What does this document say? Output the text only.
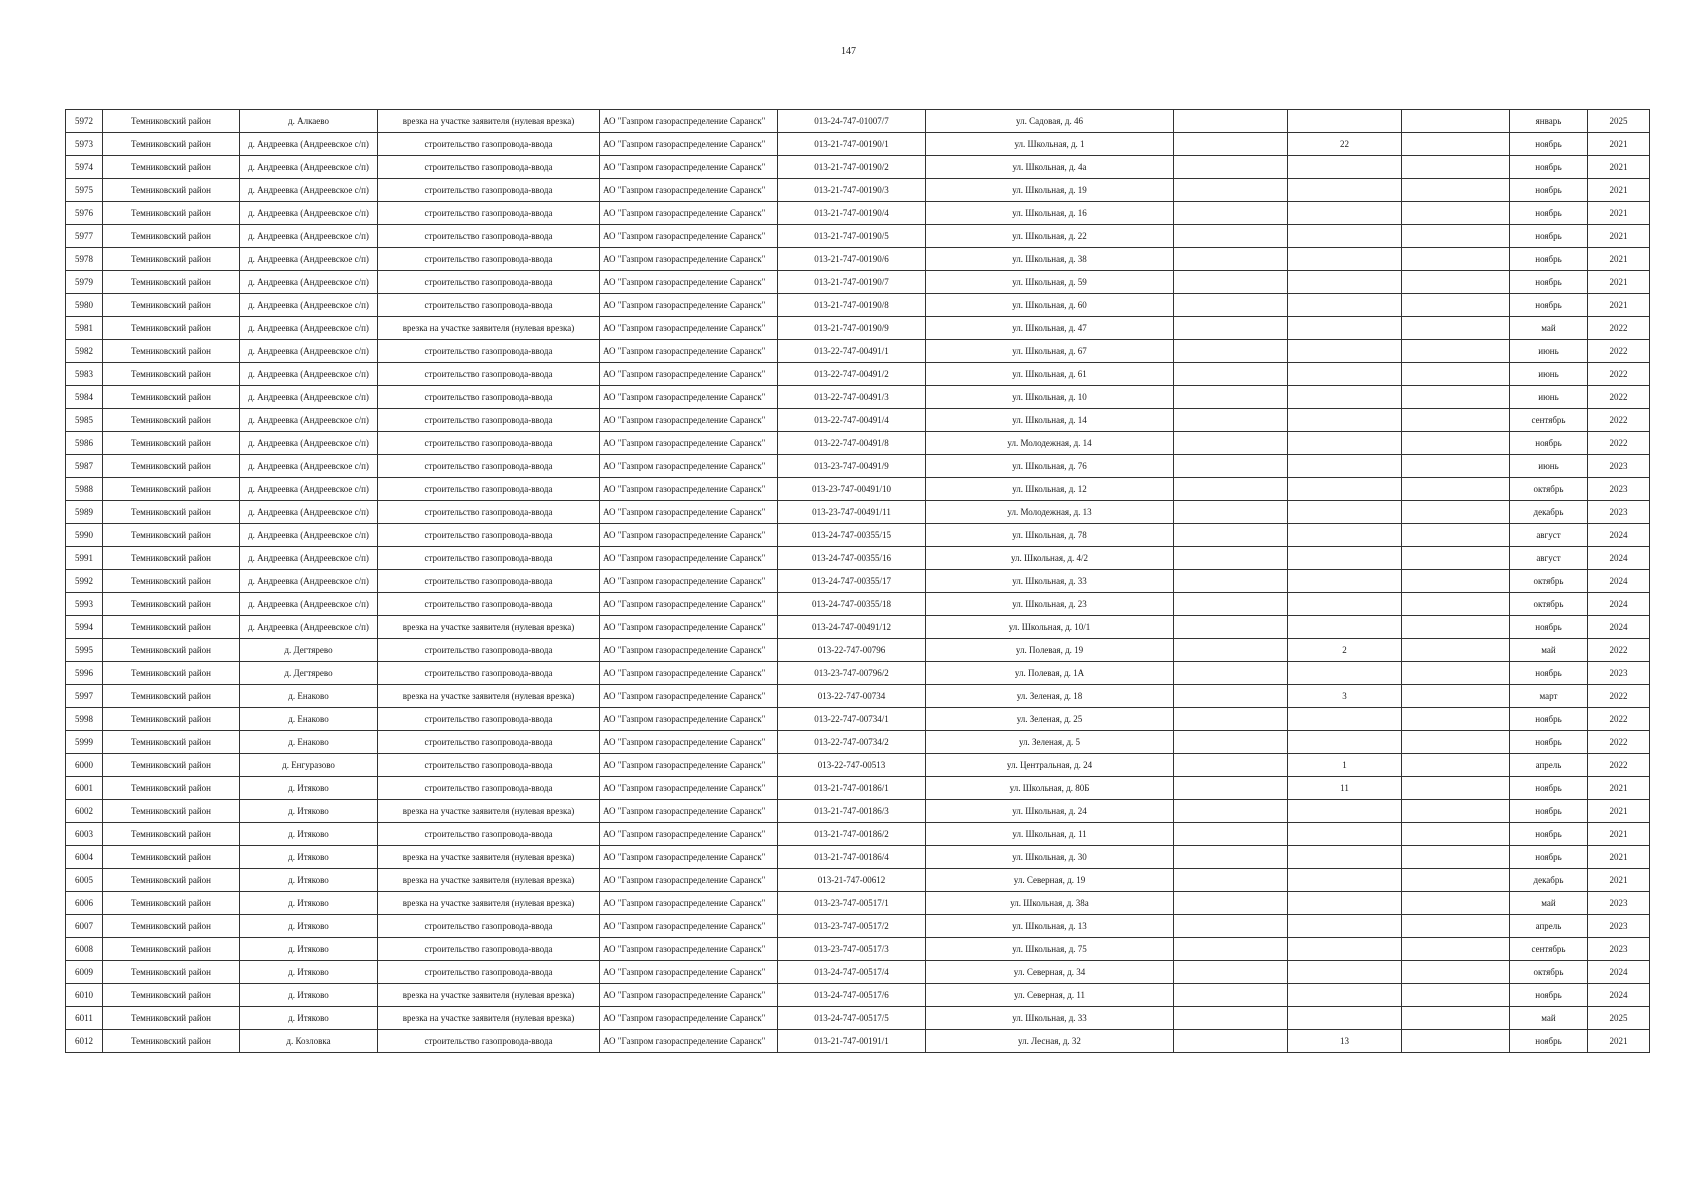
147
5972	Темниковский район	д. Алкаево	врезка на участке заявителя (нулевая врезка)	АО "Газпром газораспределение Саранск"	013-24-747-01007/7	ул. Садовая, д. 46				январь	2025
5973	Темниковский район	д. Андреевка (Андреевское с/п)	строительство газопровода-ввода	АО "Газпром газораспределение Саранск"	013-21-747-00190/1	ул. Школьная, д. 1		22		ноябрь	2021
5974	Темниковский район	д. Андреевка (Андреевское с/п)	строительство газопровода-ввода	АО "Газпром газораспределение Саранск"	013-21-747-00190/2	ул. Школьная, д. 4а				ноябрь	2021
5975	Темниковский район	д. Андреевка (Андреевское с/п)	строительство газопровода-ввода	АО "Газпром газораспределение Саранск"	013-21-747-00190/3	ул. Школьная, д. 19				ноябрь	2021
5976	Темниковский район	д. Андреевка (Андреевское с/п)	строительство газопровода-ввода	АО "Газпром газораспределение Саранск"	013-21-747-00190/4	ул. Школьная, д. 16				ноябрь	2021
5977	Темниковский район	д. Андреевка (Андреевское с/п)	строительство газопровода-ввода	АО "Газпром газораспределение Саранск"	013-21-747-00190/5	ул. Школьная, д. 22				ноябрь	2021
5978	Темниковский район	д. Андреевка (Андреевское с/п)	строительство газопровода-ввода	АО "Газпром газораспределение Саранск"	013-21-747-00190/6	ул. Школьная, д. 38				ноябрь	2021
5979	Темниковский район	д. Андреевка (Андреевское с/п)	строительство газопровода-ввода	АО "Газпром газораспределение Саранск"	013-21-747-00190/7	ул. Школьная, д. 59				ноябрь	2021
5980	Темниковский район	д. Андреевка (Андреевское с/п)	строительство газопровода-ввода	АО "Газпром газораспределение Саранск"	013-21-747-00190/8	ул. Школьная, д. 60				ноябрь	2021
5981	Темниковский район	д. Андреевка (Андреевское с/п)	врезка на участке заявителя (нулевая врезка)	АО "Газпром газораспределение Саранск"	013-21-747-00190/9	ул. Школьная, д. 47				май	2022
5982	Темниковский район	д. Андреевка (Андреевское с/п)	строительство газопровода-ввода	АО "Газпром газораспределение Саранск"	013-22-747-00491/1	ул. Школьная, д. 67				июнь	2022
5983	Темниковский район	д. Андреевка (Андреевское с/п)	строительство газопровода-ввода	АО "Газпром газораспределение Саранск"	013-22-747-00491/2	ул. Школьная, д. 61				июнь	2022
5984	Темниковский район	д. Андреевка (Андреевское с/п)	строительство газопровода-ввода	АО "Газпром газораспределение Саранск"	013-22-747-00491/3	ул. Школьная, д. 10				июнь	2022
5985	Темниковский район	д. Андреевка (Андреевское с/п)	строительство газопровода-ввода	АО "Газпром газораспределение Саранск"	013-22-747-00491/4	ул. Школьная, д. 14				сентябрь	2022
5986	Темниковский район	д. Андреевка (Андреевское с/п)	строительство газопровода-ввода	АО "Газпром газораспределение Саранск"	013-22-747-00491/8	ул. Молодежная, д. 14				ноябрь	2022
5987	Темниковский район	д. Андреевка (Андреевское с/п)	строительство газопровода-ввода	АО "Газпром газораспределение Саранск"	013-23-747-00491/9	ул. Школьная, д. 76				июнь	2023
5988	Темниковский район	д. Андреевка (Андреевское с/п)	строительство газопровода-ввода	АО "Газпром газораспределение Саранск"	013-23-747-00491/10	ул. Школьная, д. 12				октябрь	2023
5989	Темниковский район	д. Андреевка (Андреевское с/п)	строительство газопровода-ввода	АО "Газпром газораспределение Саранск"	013-23-747-00491/11	ул. Молодежная, д. 13				декабрь	2023
5990	Темниковский район	д. Андреевка (Андреевское с/п)	строительство газопровода-ввода	АО "Газпром газораспределение Саранск"	013-24-747-00355/15	ул. Школьная, д. 78				август	2024
5991	Темниковский район	д. Андреевка (Андреевское с/п)	строительство газопровода-ввода	АО "Газпром газораспределение Саранск"	013-24-747-00355/16	ул. Школьная, д. 4/2				август	2024
5992	Темниковский район	д. Андреевка (Андреевское с/п)	строительство газопровода-ввода	АО "Газпром газораспределение Саранск"	013-24-747-00355/17	ул. Школьная, д. 33				октябрь	2024
5993	Темниковский район	д. Андреевка (Андреевское с/п)	строительство газопровода-ввода	АО "Газпром газораспределение Саранск"	013-24-747-00355/18	ул. Школьная, д. 23				октябрь	2024
5994	Темниковский район	д. Андреевка (Андреевское с/п)	врезка на участке заявителя (нулевая врезка)	АО "Газпром газораспределение Саранск"	013-24-747-00491/12	ул. Школьная, д. 10/1				ноябрь	2024
5995	Темниковский район	д. Дегтярево	строительство газопровода-ввода	АО "Газпром газораспределение Саранск"	013-22-747-00796	ул. Полевая, д. 19		2		май	2022
5996	Темниковский район	д. Дегтярево	строительство газопровода-ввода	АО "Газпром газораспределение Саранск"	013-23-747-00796/2	ул. Полевая, д. 1А				ноябрь	2023
5997	Темниковский район	д. Енаково	врезка на участке заявителя (нулевая врезка)	АО "Газпром газораспределение Саранск"	013-22-747-00734	ул. Зеленая, д. 18		3		март	2022
5998	Темниковский район	д. Енаково	строительство газопровода-ввода	АО "Газпром газораспределение Саранск"	013-22-747-00734/1	ул. Зеленая, д. 25				ноябрь	2022
5999	Темниковский район	д. Енаково	строительство газопровода-ввода	АО "Газпром газораспределение Саранск"	013-22-747-00734/2	ул. Зеленая, д. 5				ноябрь	2022
6000	Темниковский район	д. Енгуразово	строительство газопровода-ввода	АО "Газпром газораспределение Саранск"	013-22-747-00513	ул. Центральная, д. 24		1		апрель	2022
6001	Темниковский район	д. Итяково	строительство газопровода-ввода	АО "Газпром газораспределение Саранск"	013-21-747-00186/1	ул. Школьная, д. 80Б		11		ноябрь	2021
6002	Темниковский район	д. Итяково	врезка на участке заявителя (нулевая врезка)	АО "Газпром газораспределение Саранск"	013-21-747-00186/3	ул. Школьная, д. 24				ноябрь	2021
6003	Темниковский район	д. Итяково	строительство газопровода-ввода	АО "Газпром газораспределение Саранск"	013-21-747-00186/2	ул. Школьная, д. 11				ноябрь	2021
6004	Темниковский район	д. Итяково	врезка на участке заявителя (нулевая врезка)	АО "Газпром газораспределение Саранск"	013-21-747-00186/4	ул. Школьная, д. 30				ноябрь	2021
6005	Темниковский район	д. Итяково	врезка на участке заявителя (нулевая врезка)	АО "Газпром газораспределение Саранск"	013-21-747-00612	ул. Северная, д. 19				декабрь	2021
6006	Темниковский район	д. Итяково	врезка на участке заявителя (нулевая врезка)	АО "Газпром газораспределение Саранск"	013-23-747-00517/1	ул. Школьная, д. 38а				май	2023
6007	Темниковский район	д. Итяково	строительство газопровода-ввода	АО "Газпром газораспределение Саранск"	013-23-747-00517/2	ул. Школьная, д. 13				апрель	2023
6008	Темниковский район	д. Итяково	строительство газопровода-ввода	АО "Газпром газораспределение Саранск"	013-23-747-00517/3	ул. Школьная, д. 75				сентябрь	2023
6009	Темниковский район	д. Итяково	строительство газопровода-ввода	АО "Газпром газораспределение Саранск"	013-24-747-00517/4	ул. Северная, д. 34				октябрь	2024
6010	Темниковский район	д. Итяково	врезка на участке заявителя (нулевая врезка)	АО "Газпром газораспределение Саранск"	013-24-747-00517/6	ул. Северная, д. 11				ноябрь	2024
6011	Темниковский район	д. Итяково	врезка на участке заявителя (нулевая врезка)	АО "Газпром газораспределение Саранск"	013-24-747-00517/5	ул. Школьная, д. 33				май	2025
6012	Темниковский район	д. Козловка	строительство газопровода-ввода	АО "Газпром газораспределение Саранск"	013-21-747-00191/1	ул. Лесная, д. 32		13		ноябрь	2021
